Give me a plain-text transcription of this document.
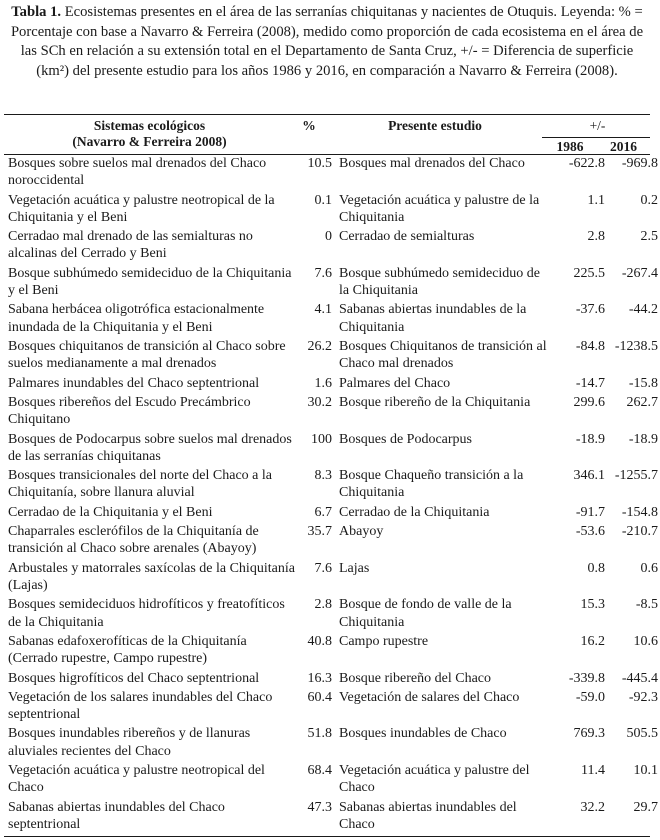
Tabla 1. Ecosistemas presentes en el área de las serranías chiquitanas y nacientes de Otuquis. Leyenda: % = Porcentaje con base a Navarro & Ferreira (2008), medido como proporción de cada ecosistema en el área de las SCh en relación a su extensión total en el Departamento de Santa Cruz, +/- = Diferencia de superficie (km²) del presente estudio para los años 1986 y 2016, en comparación a Navarro & Ferreira (2008).
Sistemas ecológicos
(Navarro & Ferreira 2008)
%	Presente estudio	+/-
1986	2016
Bosques sobre suelos mal drenados del Chaco noroccidental	10.5	Bosques mal drenados del Chaco	-622.8	-969.8
Vegetación acuática y palustre neotropical de la Chiquitania y el Beni	0.1	Vegetación acuática y palustre de la Chiquitania	1.1	0.2
Cerradao mal drenado de las semialturas no alcalinas del Cerrado y Beni	0	Cerradao de semialturas	2.8	2.5
Bosque subhúmedo semideciduo de la Chiquitania y el Beni	7.6	Bosque subhúmedo semideciduo de la Chiquitania	225.5	-267.4
Sabana herbácea oligotrófica estacionalmente inundada de la Chiquitania y el Beni	4.1	Sabanas abiertas inundables de la Chiquitania	-37.6	-44.2
Bosques chiquitanos de transición al Chaco sobre suelos medianamente a mal drenados	26.2	Bosques Chiquitanos de transición al Chaco mal drenados	-84.8	-1238.5
Palmares inundables del Chaco septentrional	1.6	Palmares del Chaco	-14.7	-15.8
Bosques ribereños del Escudo Precámbrico Chiquitano	30.2	Bosque ribereño de la Chiquitania	299.6	262.7
Bosques de Podocarpus sobre suelos mal drenados de las serranías chiquitanas	100	Bosques de Podocarpus	-18.9	-18.9
Bosques transicionales del norte del Chaco a la Chiquitanía, sobre llanura aluvial	8.3	Bosque Chaqueño transición a la Chiquitania	346.1	-1255.7
Cerradao de la Chiquitania y el Beni	6.7	Cerradao de la Chiquitania	-91.7	-154.8
Chaparrales esclerófilos de la Chiquitanía de transición al Chaco sobre arenales (Abayoy)	35.7	Abayoy	-53.6	-210.7
Arbustales y matorrales saxícolas de la Chiquitanía (Lajas)	7.6	Lajas	0.8	0.6
Bosques semideciduos hidrofíticos y freatofíticos de la Chiquitania	2.8	Bosque de fondo de valle de la Chiquitania	15.3	-8.5
Sabanas edafoxerofíticas de la Chiquitanía (Cerrado rupestre, Campo rupestre)	40.8	Campo rupestre	16.2	10.6
Bosques higrofíticos del Chaco septentrional	16.3	Bosque ribereño del Chaco	-339.8	-445.4
Vegetación de los salares inundables del Chaco septentrional	60.4	Vegetación de salares del Chaco	-59.0	-92.3
Bosques inundables ribereños y de llanuras aluviales recientes del Chaco	51.8	Bosques inundables de Chaco	769.3	505.5
Vegetación acuática y palustre neotropical del Chaco	68.4	Vegetación acuática y palustre del Chaco	11.4	10.1
Sabanas abiertas inundables del Chaco septentrional	47.3	Sabanas abiertas inundables del Chaco	32.2	29.7
